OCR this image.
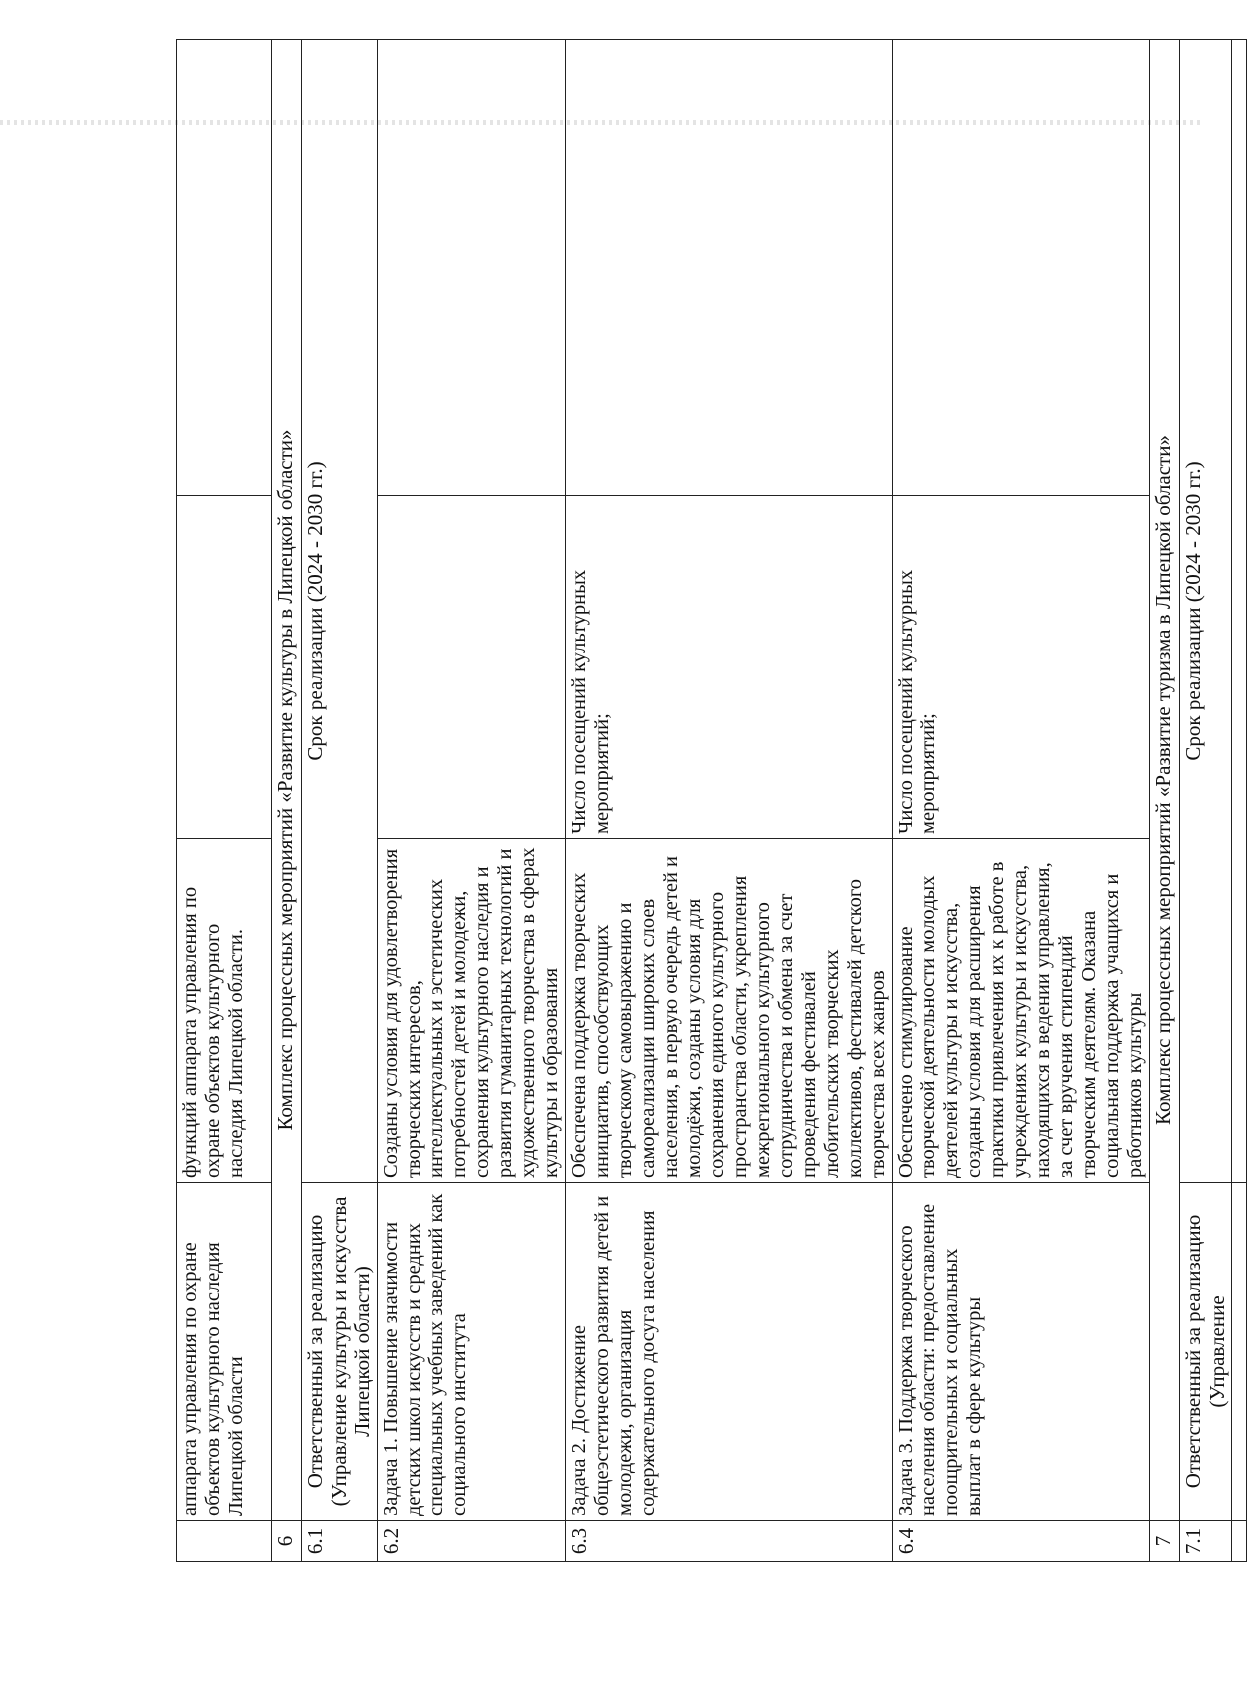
	аппарата управления по охране объектов культурного наследия Липецкой области	функций аппарата управления по охране объектов культурного наследия Липецкой области.		
6	Комплекс процессных мероприятий «Развитие культуры в Липецкой области»			
6.1	Ответственный за реализацию (Управление культуры и искусства Липецкой области)	Срок реализации (2024 - 2030 гг.)		
6.2	Задача 1. Повышение значимости детских школ искусств и средних специальных учебных заведений как социального института	Созданы условия для удовлетворения творческих интересов, интеллектуальных и эстетических потребностей детей и молодежи, сохранения культурного наследия и развития гуманитарных технологий и художественного творчества в сферах культуры и образования		
6.3	Задача 2. Достижение общеэстетического развития детей и молодежи, организация содержательного досуга населения	Обеспечена поддержка творческих инициатив, способствующих творческому самовыражению и самореализации широких слоев населения, в первую очередь детей и молодёжи, созданы условия для сохранения единого культурного пространства области, укрепления межрегионального культурного сотрудничества и обмена за счет проведения фестивалей любительских творческих коллективов, фестивалей детского творчества всех жанров	Число посещений культурных мероприятий;	
6.4	Задача 3. Поддержка творческого населения области: предоставление поощрительных и социальных выплат в сфере культуры	Обеспечено стимулирование творческой деятельности молодых деятелей культуры и искусства, созданы условия для расширения практики привлечения их к работе в учреждениях культуры и искусства, находящихся в ведении управления, за счет вручения стипендий творческим деятелям. Оказана социальная поддержка учащихся и работников культуры	Число посещений культурных мероприятий;	
7	Комплекс процессных мероприятий «Развитие туризма в Липецкой области»			
7.1	Ответственный за реализацию (Управление	Срок реализации (2024 - 2030 гг.)		
